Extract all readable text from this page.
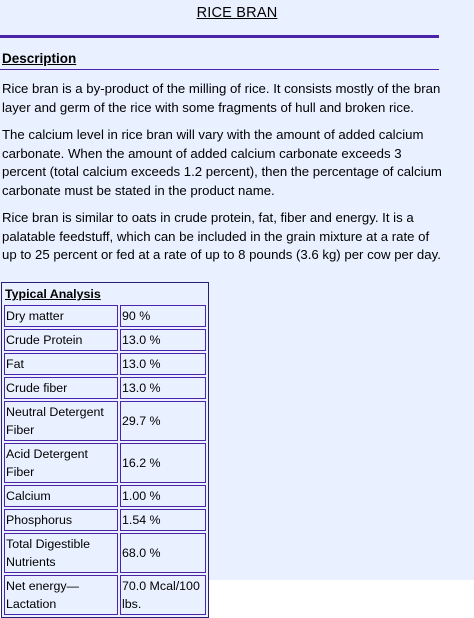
RICE BRAN
Description

Rice bran is a by-product of the milling of rice. It consists mostly of the bran layer and germ of the rice with some fragments of hull and broken rice.

The calcium level in rice bran will vary with the amount of added calcium carbonate. When the amount of added calcium carbonate exceeds 3 percent (total calcium exceeds 1.2 percent), then the percentage of calcium carbonate must be stated in the product name.

Rice bran is similar to oats in crude protein, fat, fiber and energy. It is a palatable feedstuff, which can be included in the grain mixture at a rate of up to 25 percent or fed at a rate of up to 8 pounds (3.6 kg) per cow per day.

Typical Analysis	
Dry matter	90 %
Crude Protein	13.0 %
Fat	13.0 %
Crude fiber	13.0 %
Neutral Detergent Fiber	29.7 %
Acid Detergent Fiber	16.2 %
Calcium	1.00 %
Phosphorus	1.54 %
Total Digestible Nutrients	68.0 %
Net energy—Lactation	70.0 Mcal/100 lbs.
